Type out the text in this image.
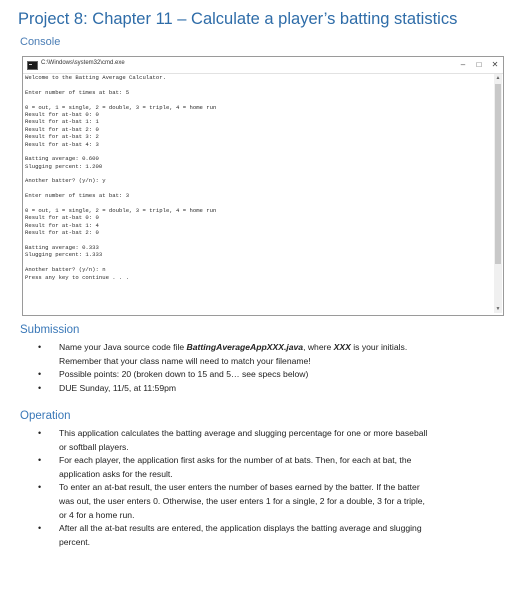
Project 8: Chapter 11 – Calculate a player’s batting statistics
Console
C:\Windows\system32\cmd.exe	–	□	✕
Welcome to the Batting Average Calculator.
Enter number of times at bat: 5
0 = out, 1 = single, 2 = double, 3 = triple, 4 = home run
Result for at-bat 0: 0
Result for at-bat 1: 1
Result for at-bat 2: 0
Result for at-bat 3: 2
Result for at-bat 4: 3
Batting average: 0.600
Slugging percent: 1.200
Another batter? (y/n): y
Enter number of times at bat: 3
0 = out, 1 = single, 2 = double, 3 = triple, 4 = home run
Result for at-bat 0: 0
Result for at-bat 1: 4
Result for at-bat 2: 0
Batting average: 0.333
Slugging percent: 1.333
Another batter? (y/n): n
Press any key to continue . . .
▲
▼
Submission
• Name your Java source code file BattingAverageAppXXX.java, where XXX is your initials.
Remember that your class name will need to match your filename!
• Possible points: 20 (broken down to 15 and 5… see specs below)
• DUE Sunday, 11/5, at 11:59pm
Operation
• This application calculates the batting average and slugging percentage for one or more baseball
or softball players.
• For each player, the application first asks for the number of at bats. Then, for each at bat, the
application asks for the result.
• To enter an at-bat result, the user enters the number of bases earned by the batter. If the batter
was out, the user enters 0. Otherwise, the user enters 1 for a single, 2 for a double, 3 for a triple,
or 4 for a home run.
• After all the at-bat results are entered, the application displays the batting average and slugging
percent.
